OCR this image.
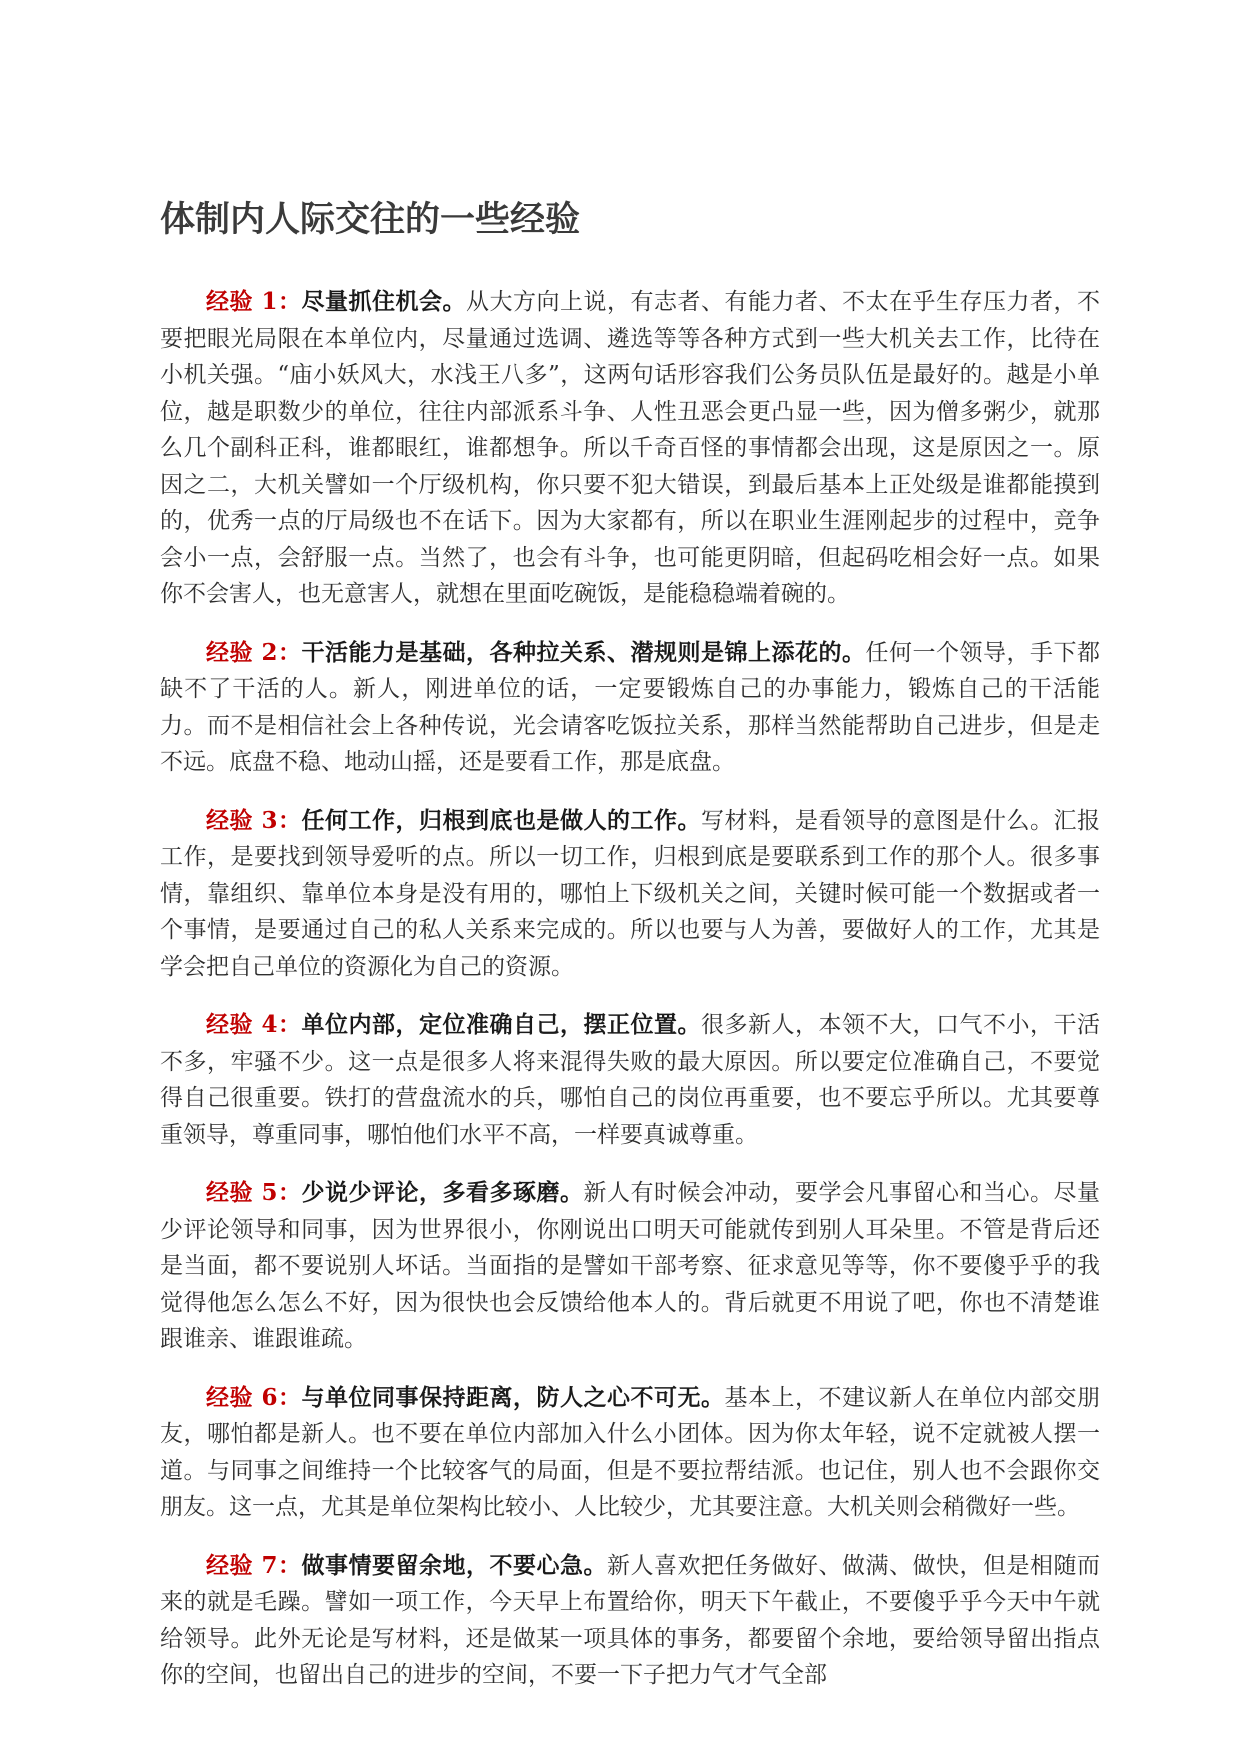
体制内人际交往的一些经验

经验 1：尽量抓住机会。从大方向上说，有志者、有能力者、不太在乎生存压力者，不要把眼光局限在本单位内，尽量通过选调、遴选等等各种方式到一些大机关去工作，比待在小机关强。“庙小妖风大，水浅王八多”，这两句话形容我们公务员队伍是最好的。越是小单位，越是职数少的单位，往往内部派系斗争、人性丑恶会更凸显一些，因为僧多粥少，就那么几个副科正科，谁都眼红，谁都想争。所以千奇百怪的事情都会出现，这是原因之一。原因之二，大机关譬如一个厅级机构，你只要不犯大错误，到最后基本上正处级是谁都能摸到的，优秀一点的厅局级也不在话下。因为大家都有，所以在职业生涯刚起步的过程中，竞争会小一点，会舒服一点。当然了，也会有斗争，也可能更阴暗，但起码吃相会好一点。如果你不会害人，也无意害人，就想在里面吃碗饭，是能稳稳端着碗的。

经验 2：干活能力是基础，各种拉关系、潜规则是锦上添花的。任何一个领导，手下都缺不了干活的人。新人，刚进单位的话，一定要锻炼自己的办事能力，锻炼自己的干活能力。而不是相信社会上各种传说，光会请客吃饭拉关系，那样当然能帮助自己进步，但是走不远。底盘不稳、地动山摇，还是要看工作，那是底盘。

经验 3：任何工作，归根到底也是做人的工作。写材料，是看领导的意图是什么。汇报工作，是要找到领导爱听的点。所以一切工作，归根到底是要联系到工作的那个人。很多事情，靠组织、靠单位本身是没有用的，哪怕上下级机关之间，关键时候可能一个数据或者一个事情，是要通过自己的私人关系来完成的。所以也要与人为善，要做好人的工作，尤其是学会把自己单位的资源化为自己的资源。

经验 4：单位内部，定位准确自己，摆正位置。很多新人，本领不大，口气不小，干活不多，牢骚不少。这一点是很多人将来混得失败的最大原因。所以要定位准确自己，不要觉得自己很重要。铁打的营盘流水的兵，哪怕自己的岗位再重要，也不要忘乎所以。尤其要尊重领导，尊重同事，哪怕他们水平不高，一样要真诚尊重。

经验 5：少说少评论，多看多琢磨。新人有时候会冲动，要学会凡事留心和当心。尽量少评论领导和同事，因为世界很小，你刚说出口明天可能就传到别人耳朵里。不管是背后还是当面，都不要说别人坏话。当面指的是譬如干部考察、征求意见等等，你不要傻乎乎的我觉得他怎么怎么不好，因为很快也会反馈给他本人的。背后就更不用说了吧，你也不清楚谁跟谁亲、谁跟谁疏。

经验 6：与单位同事保持距离，防人之心不可无。基本上，不建议新人在单位内部交朋友，哪怕都是新人。也不要在单位内部加入什么小团体。因为你太年轻，说不定就被人摆一道。与同事之间维持一个比较客气的局面，但是不要拉帮结派。也记住，别人也不会跟你交朋友。这一点，尤其是单位架构比较小、人比较少，尤其要注意。大机关则会稍微好一些。

经验 7：做事情要留余地，不要心急。新人喜欢把任务做好、做满、做快，但是相随而来的就是毛躁。譬如一项工作，今天早上布置给你，明天下午截止，不要傻乎乎今天中午就给领导。此外无论是写材料，还是做某一项具体的事务，都要留个余地，要给领导留出指点你的空间，也留出自己的进步的空间，不要一下子把力气才气全部
